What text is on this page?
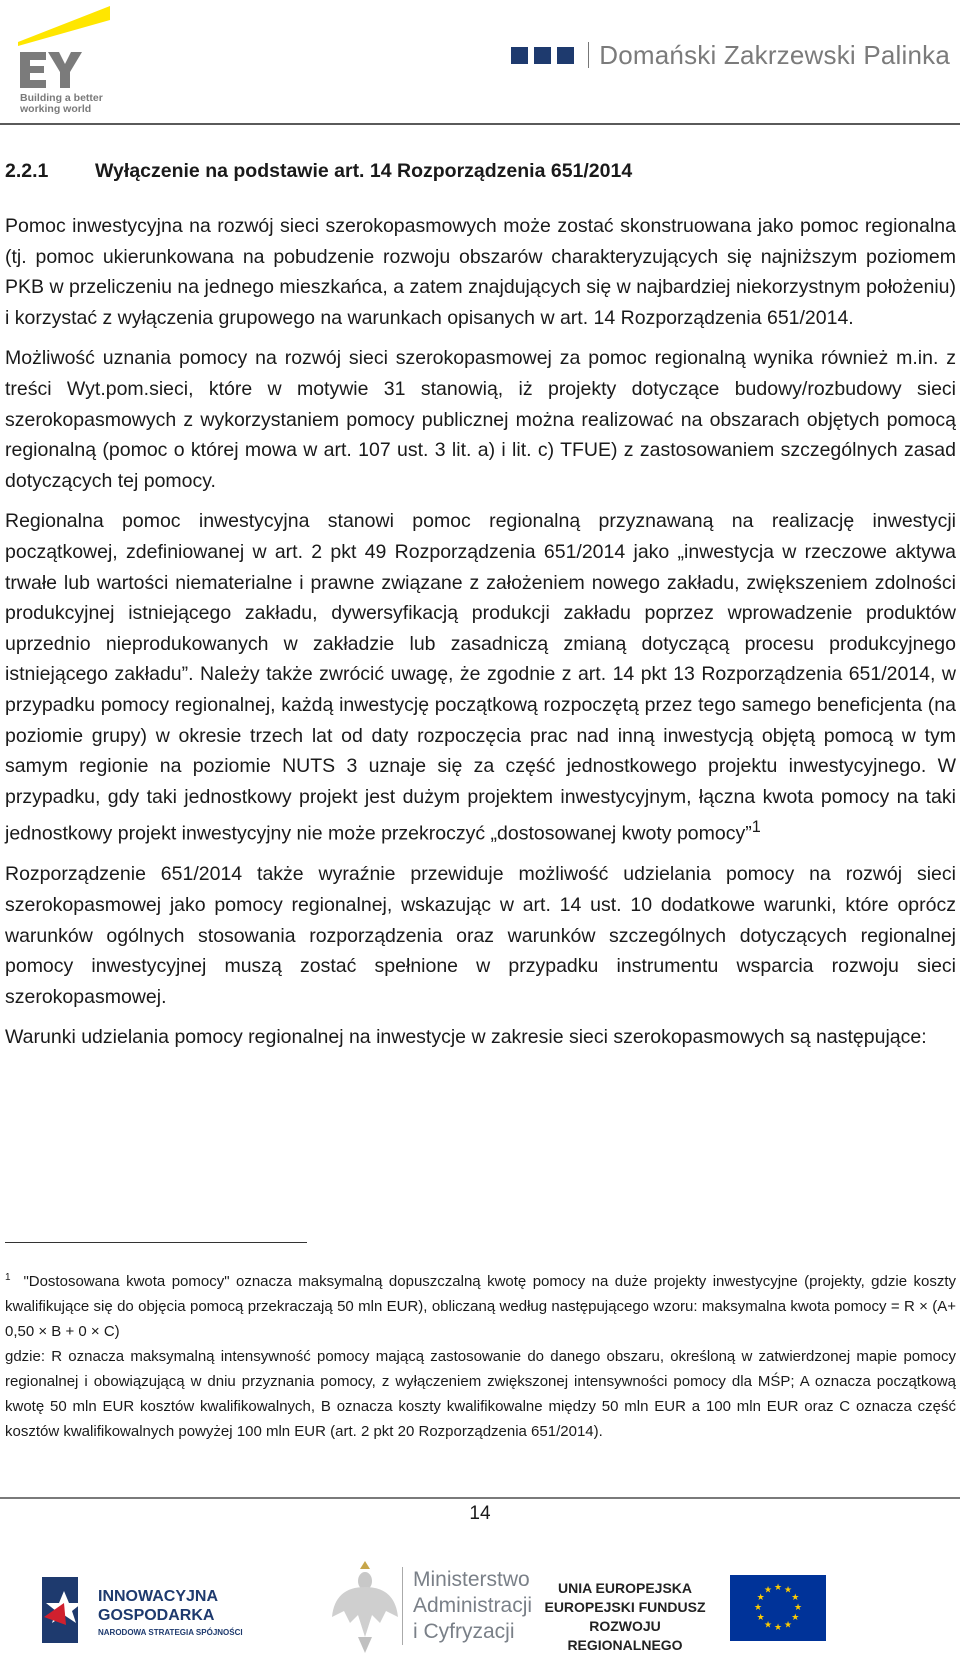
Building a better
working world
Domański Zakrzewski Palinka
2.2.1	Wyłączenie na podstawie art. 14 Rozporządzenia 651/2014

Pomoc inwestycyjna na rozwój sieci szerokopasmowych może zostać skonstruowana jako pomoc regionalna (tj. pomoc ukierunkowana na pobudzenie rozwoju obszarów charakteryzujących się najniższym poziomem PKB w przeliczeniu na jednego mieszkańca, a zatem znajdujących się w najbardziej niekorzystnym położeniu) i korzystać z wyłączenia grupowego na warunkach opisanych w art. 14 Rozporządzenia 651/2014.

Możliwość uznania pomocy na rozwój sieci szerokopasmowej za pomoc regionalną wynika również m.in. z treści Wyt.pom.sieci, które w motywie 31 stanowią, iż projekty dotyczące budowy/rozbudowy sieci szerokopasmowych z wykorzystaniem pomocy publicznej można realizować na obszarach objętych pomocą regionalną (pomoc o której mowa w art. 107 ust. 3 lit. a) i lit. c) TFUE) z zastosowaniem szczególnych zasad dotyczących tej pomocy.

Regionalna pomoc inwestycyjna stanowi pomoc regionalną przyznawaną na realizację inwestycji początkowej, zdefiniowanej w art. 2 pkt 49 Rozporządzenia 651/2014 jako „inwestycja w rzeczowe aktywa trwałe lub wartości niematerialne i prawne związane z założeniem nowego zakładu, zwiększeniem zdolności produkcyjnej istniejącego zakładu, dywersyfikacją produkcji zakładu poprzez wprowadzenie produktów uprzednio nieprodukowanych w zakładzie lub zasadniczą zmianą dotyczącą procesu produkcyjnego istniejącego zakładu”. Należy także zwrócić uwagę, że zgodnie z art. 14 pkt 13 Rozporządzenia 651/2014, w przypadku pomocy regionalnej, każdą inwestycję początkową rozpoczętą przez tego samego beneficjenta (na poziomie grupy) w okresie trzech lat od daty rozpoczęcia prac nad inną inwestycją objętą pomocą w tym samym regionie na poziomie NUTS 3 uznaje się za część jednostkowego projektu inwestycyjnego. W przypadku, gdy taki jednostkowy projekt jest dużym projektem inwestycyjnym, łączna kwota pomocy na taki jednostkowy projekt inwestycyjny nie może przekroczyć „dostosowanej kwoty pomocy”$^1$

Rozporządzenie 651/2014 także wyraźnie przewiduje możliwość udzielania pomocy na rozwój sieci szerokopasmowej jako pomocy regionalnej, wskazując w art. 14 ust. 10 dodatkowe warunki, które oprócz warunków ogólnych stosowania rozporządzenia oraz warunków szczególnych dotyczących regionalnej pomocy inwestycyjnej muszą zostać spełnione w przypadku instrumentu wsparcia rozwoju sieci szerokopasmowej.

Warunki udzielania pomocy regionalnej na inwestycje w zakresie sieci szerokopasmowych są następujące:

$^1$ "Dostosowana kwota pomocy" oznacza maksymalną dopuszczalną kwotę pomocy na duże projekty inwestycyjne (projekty, gdzie koszty kwalifikujące się do objęcia pomocą przekraczają 50 mln EUR), obliczaną według następującego wzoru: maksymalna kwota pomocy = R × (A+ 0,50 × B + 0 × C)

gdzie: R oznacza maksymalną intensywność pomocy mającą zastosowanie do danego obszaru, określoną w zatwierdzonej mapie pomocy regionalnej i obowiązującą w dniu przyznania pomocy, z wyłączeniem zwiększonej intensywności pomocy dla MŚP; A oznacza początkową kwotę 50 mln EUR kosztów kwalifikowalnych, B oznacza koszty kwalifikowalne między 50 mln EUR a 100 mln EUR oraz C oznacza część kosztów kwalifikowalnych powyżej 100 mln EUR (art. 2 pkt 20 Rozporządzenia 651/2014).

14
INNOWACYJNA
GOSPODARKA
NARODOWA STRATEGIA SPÓJNOŚCI
Ministerstwo
Administracji
i Cyfryzacji
UNIA EUROPEJSKA
EUROPEJSKI FUNDUSZ
ROZWOJU REGIONALNEGO
★ ★
★
★
★
★
★
★
★
★
★
★
